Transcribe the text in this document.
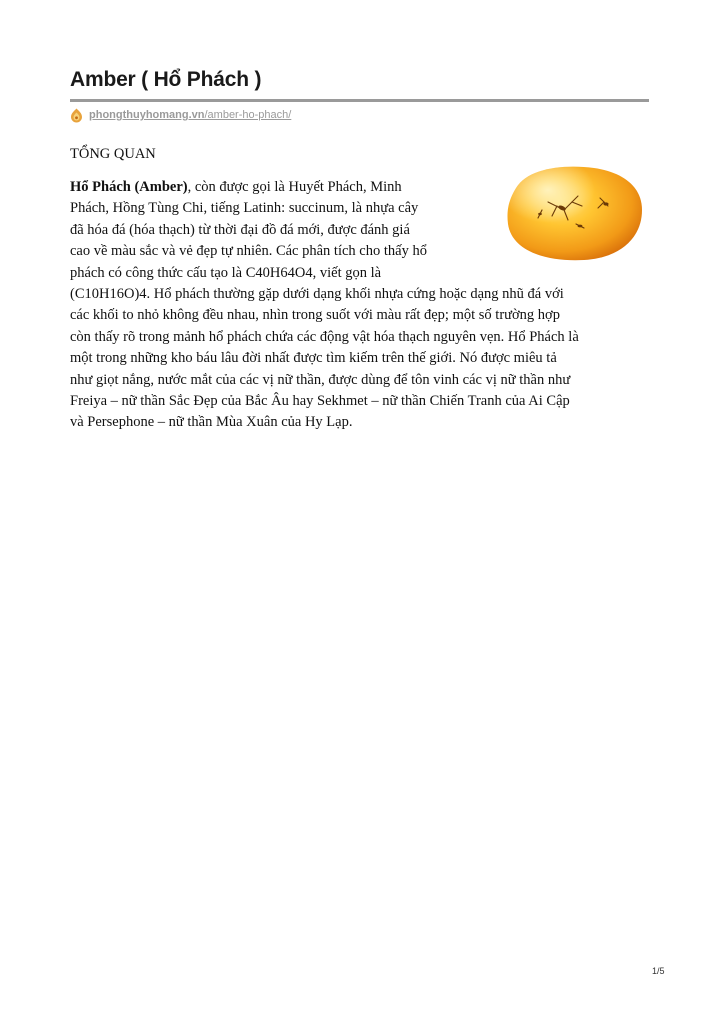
Amber ( Hổ Phách )
phongthuyhomang.vn /amber-ho-phach/
TỔNG QUAN
Hổ Phách (Amber), còn được gọi là Huyết Phách, Minh
Phách, Hồng Tùng Chi, tiếng Latinh: succinum, là nhựa cây
đã hóa đá (hóa thạch) từ thời đại đồ đá mới, được đánh giá
cao về màu sắc và vẻ đẹp tự nhiên. Các phân tích cho thấy hổ
phách có công thức cấu tạo là C40H64O4, viết gọn là
(C10H16O)4. Hổ phách thường gặp dưới dạng khối nhựa cứng hoặc dạng nhũ đá với
các khối to nhỏ không đều nhau, nhìn trong suốt với màu rất đẹp; một số trường hợp
còn thấy rõ trong mảnh hổ phách chứa các động vật hóa thạch nguyên vẹn. Hổ Phách là
một trong những kho báu lâu đời nhất được tìm kiếm trên thế giới. Nó được miêu tả
như giọt nắng, nước mắt của các vị nữ thần, được dùng để tôn vinh các vị nữ thần như
Freiya – nữ thần Sắc Đẹp của Bắc Âu hay Sekhmet – nữ thần Chiến Tranh của Ai Cập
và Persephone – nữ thần Mùa Xuân của Hy Lạp.
1/5
